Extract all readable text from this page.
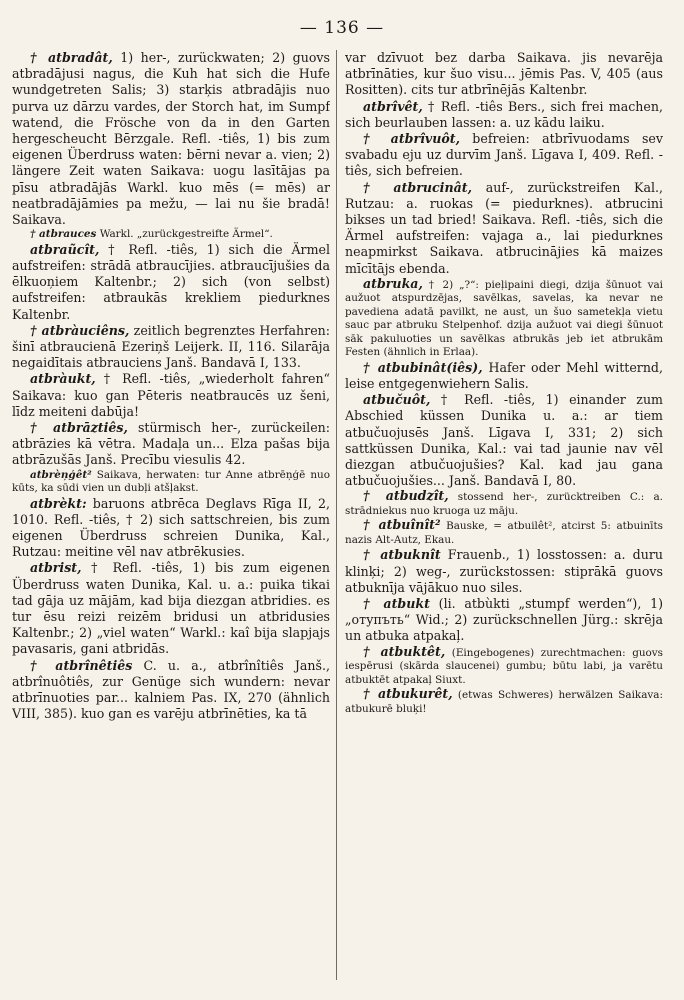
— 136 —

† atbradât, 1) her-, zurückwaten; 2) guovs atbradājusi nagus, die Kuh hat sich die Hufe wundgetreten Salis; 3) starķis atbradājis nuo purva uz dārzu vardes, der Storch hat, im Sumpf watend, die Frösche von da in den Garten hergescheucht Bērzgale. Refl. -tiês, 1) bis zum eigenen Überdruss waten: bērni nevar a. vien; 2) längere Zeit waten Saikava: uogu lasītājas pa pīsu atbradājās Warkl. kuo mēs (= mēs) ar neatbradājāmies pa mežu, — lai nu šie bradā! Saikava.

† atbrauces Warkl. „zurückgestreifte Ärmel“.

atbraũcît, † Refl. -tiês, 1) sich die Ärmel aufstreifen: strādā atbraucījies. atbraucījušies da ēlkuoņiem Kaltenbr.; 2) sich (von selbst) aufstreifen: atbraukās krekliem piedurknes Kaltenbr.

† atbràuciêns, zeitlich begrenztes Herfahren: šinī atbraucienā Ezeriņš Leijerk. II, 116. Silarāja negaidītais atbrauciens Janš. Bandavā I, 133.

atbràukt, † Refl. -tiês, „wiederholt fahren“ Saikava: kuo gan Pēteris neatbraucēs uz šeni, līdz meiteni dabūja!

† atbrāztiês, stürmisch her-, zurückeilen: atbrāzies kā vētra. Madaļa un... Elza pašas bija atbrāzušās Janš. Precību viesulis 42.

atbrèņģêt² Saikava, herwaten: tur Anne atbrēņģē nuo kūts, ka sūdi vien un dubļi atšļakst.

atbrèkt: baruons atbrēca Deglavs Rīga II, 2, 1010. Refl. -tiês, † 2) sich sattschreien, bis zum eigenen Überdruss schreien Dunika, Kal., Rutzau: meitine vēl nav atbrēkusies.

atbrist, † Refl. -tiês, 1) bis zum eigenen Überdruss waten Dunika, Kal. u. a.: puika tikai tad gāja uz mājām, kad bija diezgan atbridies. es tur ēsu reizi reizēm bridusi un atbridusies Kaltenbr.; 2) „viel waten“ Warkl.: kaî bija slapjajs pavasaris, gani atbridās.

† atbrînêtiês C. u. a., atbrînîtiês Janš., atbrînuôtiês, zur Genüge sich wundern: nevar atbrīnuoties par... kalniem Pas. IX, 270 (ähnlich VIII, 385). kuo gan es varēju atbrīnēties, ka tā

var dzīvuot bez darba Saikava. jis nevarēja atbrīnāties, kur šuo visu... jēmis Pas. V, 405 (aus Rositten). cits tur atbrīnējās Kaltenbr.

atbrîvêt, † Refl. -tiês Bers., sich frei machen, sich beurlauben lassen: a. uz kādu laiku.

† atbrîvuôt, befreien: atbrīvuodams sev svabadu eju uz durvīm Janš. Līgava I, 409. Refl. -tiês, sich befreien.

† atbrucinât, auf-, zurückstreifen Kal., Rutzau: a. ruokas (= piedurknes). atbrucini bikses un tad bried! Saikava. Refl. -tiês, sich die Ärmel aufstreifen: vajaga a., lai piedurknes neapmirkst Saikava. atbrucinājies kā maizes mīcītājs ebenda.

atbruka, † 2) „?“: pieļipaini diegi, dzija šūnuot vai aužuot atspurdzējas, savēlkas, savelas, ka nevar ne pavediena adatā pavilkt, ne aust, un šuo sametekļa vietu sauc par atbruku Stelpenhof. dzija aužuot vai diegi šūnuot sāk pakuluoties un savēlkas atbrukās jeb iet atbrukām Festen (ähnlich in Erlaa).

† atbubinât(iês), Hafer oder Mehl witternd, leise entgegenwiehern Salis.

atbučuôt, † Refl. -tiês, 1) einander zum Abschied küssen Dunika u. a.: ar tiem atbučuojusēs Janš. Līgava I, 331; 2) sich sattküssen Dunika, Kal.: vai tad jaunie nav vēl diezgan atbučuojušies? Kal. kad jau gana atbučuojušies... Janš. Bandavā I, 80.

† atbudzît, stossend her-, zurücktreiben C.: a. strādniekus nuo kruoga uz māju.

† atbuînît² Bauske, = atbuilêt², atcirst 5: atbuinīts nazis Alt-Autz, Ekau.

† atbuknît Frauenb., 1) losstossen: a. duru klinķi; 2) weg-, zurückstossen: stiprākā guovs atbuknīja vājākuo nuo siles.

† atbukt (li. atbùkti „stumpf werden“), 1) „отупъть“ Wid.; 2) zurückschnellen Jürg.: skrēja un atbuka atpakaļ.

† atbuktêt, (Eingebogenes) zurechtmachen: guovs iespērusi (skārda slaucenei) gumbu; būtu labi, ja varētu atbuktēt atpakaļ Siuxt.

† atbukurêt, (etwas Schweres) herwälzen Saikava: atbukurē bluķi!
